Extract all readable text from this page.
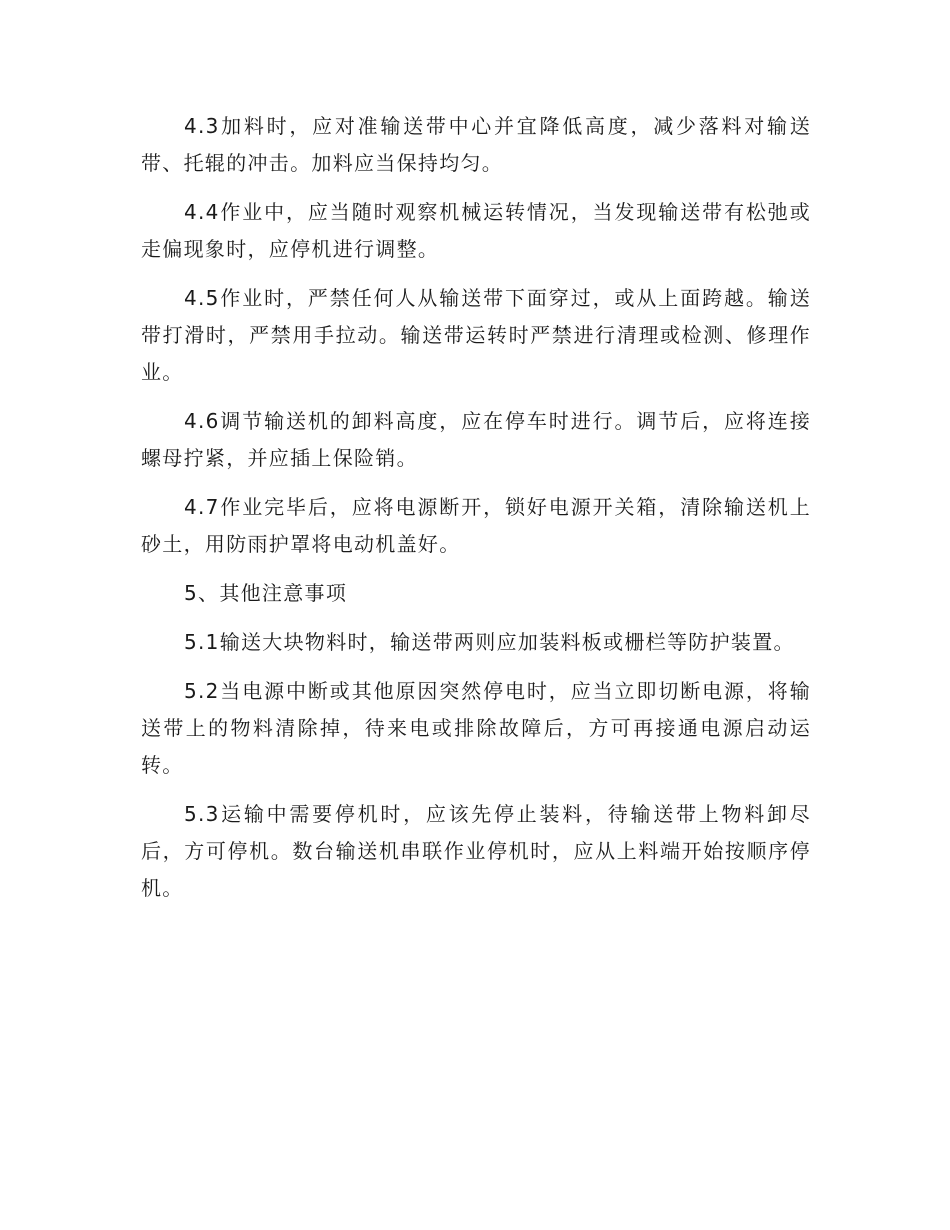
4.3加料时，应对准输送带中心并宜降低高度，减少落料对输送带、托辊的冲击。加料应当保持均匀。

4.4作业中，应当随时观察机械运转情况，当发现输送带有松弛或走偏现象时，应停机进行调整。

4.5作业时，严禁任何人从输送带下面穿过，或从上面跨越。输送带打滑时，严禁用手拉动。输送带运转时严禁进行清理或检测、修理作业。

4.6调节输送机的卸料高度，应在停车时进行。调节后，应将连接螺母拧紧，并应插上保险销。

4.7作业完毕后，应将电源断开，锁好电源开关箱，清除输送机上砂土，用防雨护罩将电动机盖好。

5、其他注意事项

5.1输送大块物料时，输送带两则应加装料板或栅栏等防护装置。

5.2当电源中断或其他原因突然停电时，应当立即切断电源，将输送带上的物料清除掉，待来电或排除故障后，方可再接通电源启动运转。

5.3运输中需要停机时，应该先停止装料，待输送带上物料卸尽后，方可停机。数台输送机串联作业停机时，应从上料端开始按顺序停机。
